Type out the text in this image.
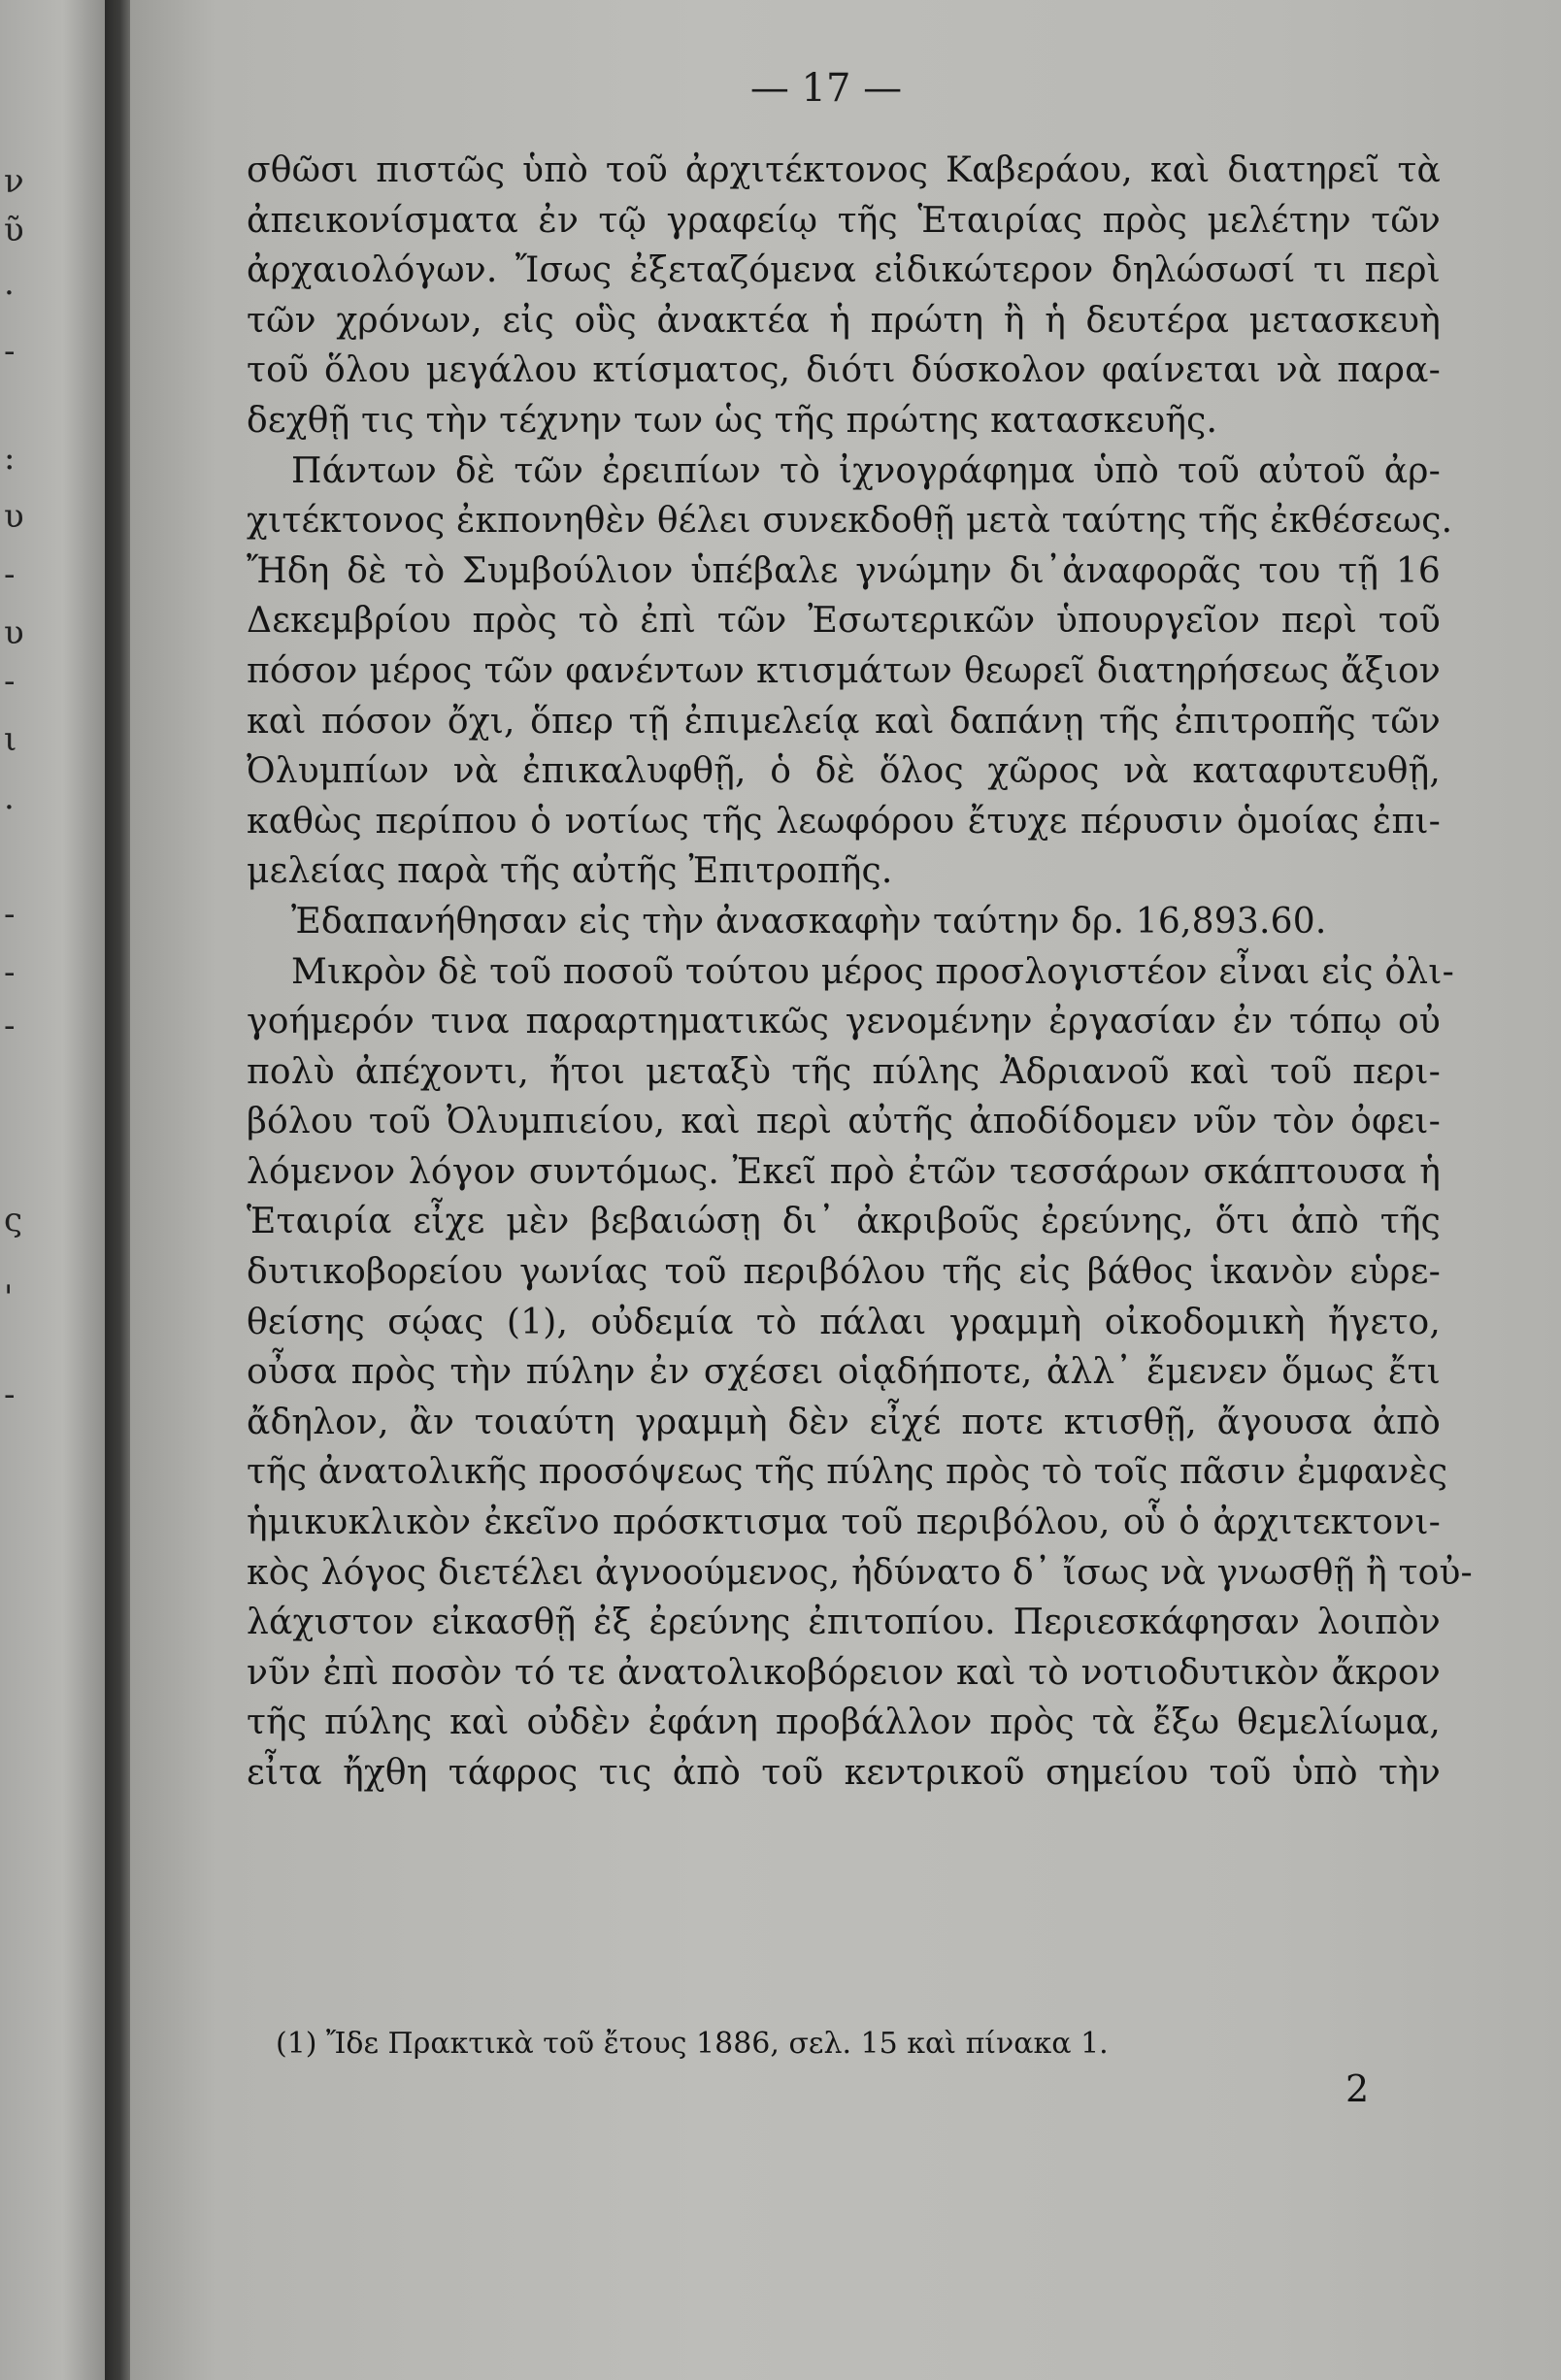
ν
ῦ
.
-
:
υ
-
υ
-
ι
.
-
-
-
ς
'
-
— 17 —
σθῶσι πιστῶς ὑπὸ τοῦ ἀρχιτέκτονος Καβεράου, καὶ διατηρεῖ τὰ
ἀπεικονίσματα ἐν τῷ γραφείῳ τῆς Ἑταιρίας πρὸς μελέτην τῶν
ἀρχαιολόγων. Ἴσως ἐξεταζόμενα εἰδικώτερον δηλώσωσί τι περὶ
τῶν χρόνων, εἰς οὓς ἀνακτέα ἡ πρώτη ἢ ἡ δευτέρα μετασκευὴ
τοῦ ὅλου μεγάλου κτίσματος, διότι δύσκολον φαίνεται νὰ παρα-
δεχθῇ τις τὴν τέχνην των ὡς τῆς πρώτης κατασκευῆς.
Πάντων δὲ τῶν ἐρειπίων τὸ ἰχνογράφημα ὑπὸ τοῦ αὐτοῦ ἀρ-
χιτέκτονος ἐκπονηθὲν θέλει συνεκδοθῇ μετὰ ταύτης τῆς ἐκθέσεως.
Ἤδη δὲ τὸ Συμβούλιον ὑπέβαλε γνώμην δι᾽ἀναφορᾶς του τῇ 16
Δεκεμβρίου πρὸς τὸ ἐπὶ τῶν Ἐσωτερικῶν ὑπουργεῖον περὶ τοῦ
πόσον μέρος τῶν φανέντων κτισμάτων θεωρεῖ διατηρήσεως ἄξιον
καὶ πόσον ὄχι, ὅπερ τῇ ἐπιμελείᾳ καὶ δαπάνῃ τῆς ἐπιτροπῆς τῶν
Ὀλυμπίων νὰ ἐπικαλυφθῇ, ὁ δὲ ὅλος χῶρος νὰ καταφυτευθῇ,
καθὼς περίπου ὁ νοτίως τῆς λεωφόρου ἔτυχε πέρυσιν ὁμοίας ἐπι-
μελείας παρὰ τῆς αὐτῆς Ἐπιτροπῆς.
Ἐδαπανήθησαν εἰς τὴν ἀνασκαφὴν ταύτην δρ. 16,893.60.
Μικρὸν δὲ τοῦ ποσοῦ τούτου μέρος προσλογιστέον εἶναι εἰς ὀλι-
γοήμερόν τινα παραρτηματικῶς γενομένην ἐργασίαν ἐν τόπῳ οὐ
πολὺ ἀπέχοντι, ἤτοι μεταξὺ τῆς πύλης Ἀδριανοῦ καὶ τοῦ περι-
βόλου τοῦ Ὀλυμπιείου, καὶ περὶ αὐτῆς ἀποδίδομεν νῦν τὸν ὀφει-
λόμενον λόγον συντόμως. Ἐκεῖ πρὸ ἐτῶν τεσσάρων σκάπτουσα ἡ
Ἑταιρία εἶχε μὲν βεβαιώσῃ δι᾽ ἀκριβοῦς ἐρεύνης, ὅτι ἀπὸ τῆς
δυτικοβορείου γωνίας τοῦ περιβόλου τῆς εἰς βάθος ἱκανὸν εὑρε-
θείσης σῴας (1), οὐδεμία τὸ πάλαι γραμμὴ οἰκοδομικὴ ἤγετο,
οὖσα πρὸς τὴν πύλην ἐν σχέσει οἱᾳδήποτε, ἀλλ᾽ ἔμενεν ὅμως ἔτι
ἄδηλον, ἂν τοιαύτη γραμμὴ δὲν εἶχέ ποτε κτισθῇ, ἄγουσα ἀπὸ
τῆς ἀνατολικῆς προσόψεως τῆς πύλης πρὸς τὸ τοῖς πᾶσιν ἐμφανὲς
ἡμικυκλικὸν ἐκεῖνο πρόσκτισμα τοῦ περιβόλου, οὗ ὁ ἀρχιτεκτονι-
κὸς λόγος διετέλει ἀγνοούμενος, ἠδύνατο δ᾽ ἴσως νὰ γνωσθῇ ἢ τοὐ-
λάχιστον εἰκασθῇ ἐξ ἐρεύνης ἐπιτοπίου. Περιεσκάφησαν λοιπὸν
νῦν ἐπὶ ποσὸν τό τε ἀνατολικοβόρειον καὶ τὸ νοτιοδυτικὸν ἄκρον
τῆς πύλης καὶ οὐδὲν ἐφάνη προβάλλον πρὸς τὰ ἔξω θεμελίωμα,
εἶτα ἤχθη τάφρος τις ἀπὸ τοῦ κεντρικοῦ σημείου τοῦ ὑπὸ τὴν
(1) Ἴδε Πρακτικὰ τοῦ ἔτους 1886, σελ. 15 καὶ πίνακα 1.
2
